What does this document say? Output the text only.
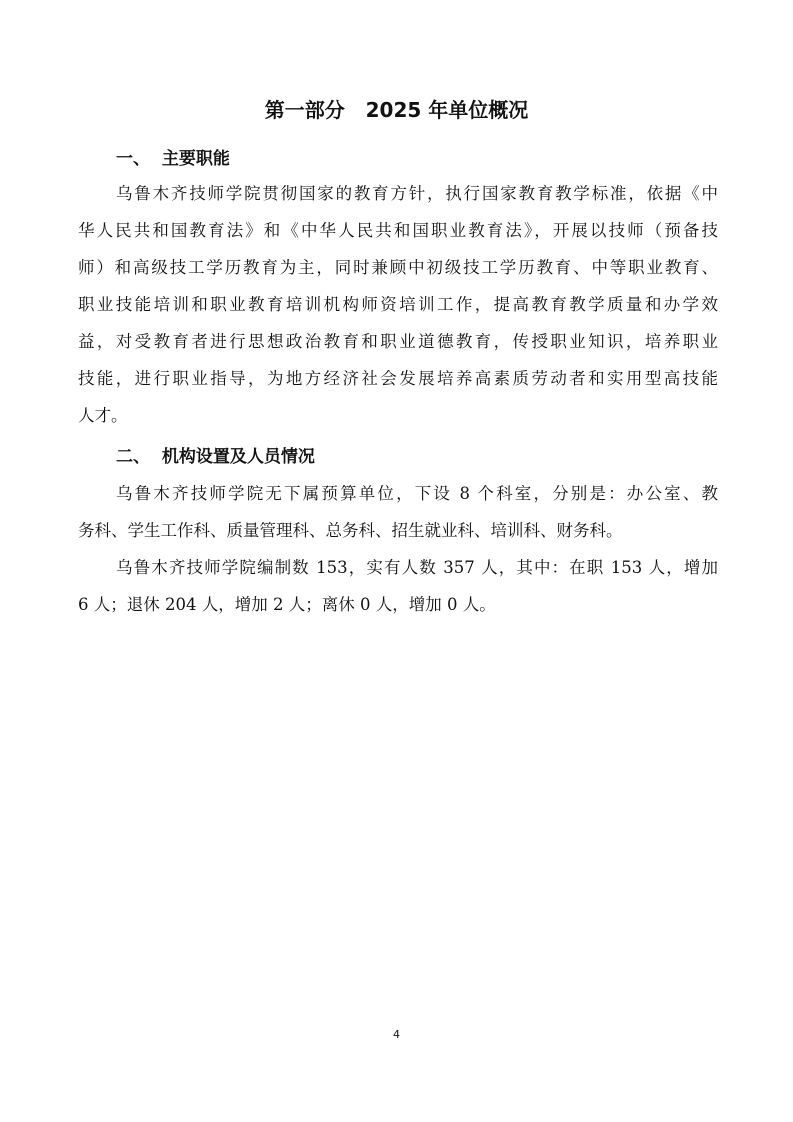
第一部分   2025 年单位概况
一、  主要职能
乌鲁木齐技师学院贯彻国家的教育方针，执行国家教育教学标准，依据《中
华人民共和国教育法》和《中华人民共和国职业教育法》，开展以技师（预备技
师）和高级技工学历教育为主，同时兼顾中初级技工学历教育、中等职业教育、
职业技能培训和职业教育培训机构师资培训工作，提高教育教学质量和办学效
益，对受教育者进行思想政治教育和职业道德教育，传授职业知识，培养职业
技能，进行职业指导，为地方经济社会发展培养高素质劳动者和实用型高技能
人才。
二、  机构设置及人员情况
乌鲁木齐技师学院无下属预算单位，下设 8 个科室，分别是：办公室、教
务科、学生工作科、质量管理科、总务科、招生就业科、培训科、财务科。
乌鲁木齐技师学院编制数 153，实有人数 357 人，其中：在职 153 人，增加
6 人；退休 204 人，增加 2 人；离休 0 人，增加 0 人。
4
